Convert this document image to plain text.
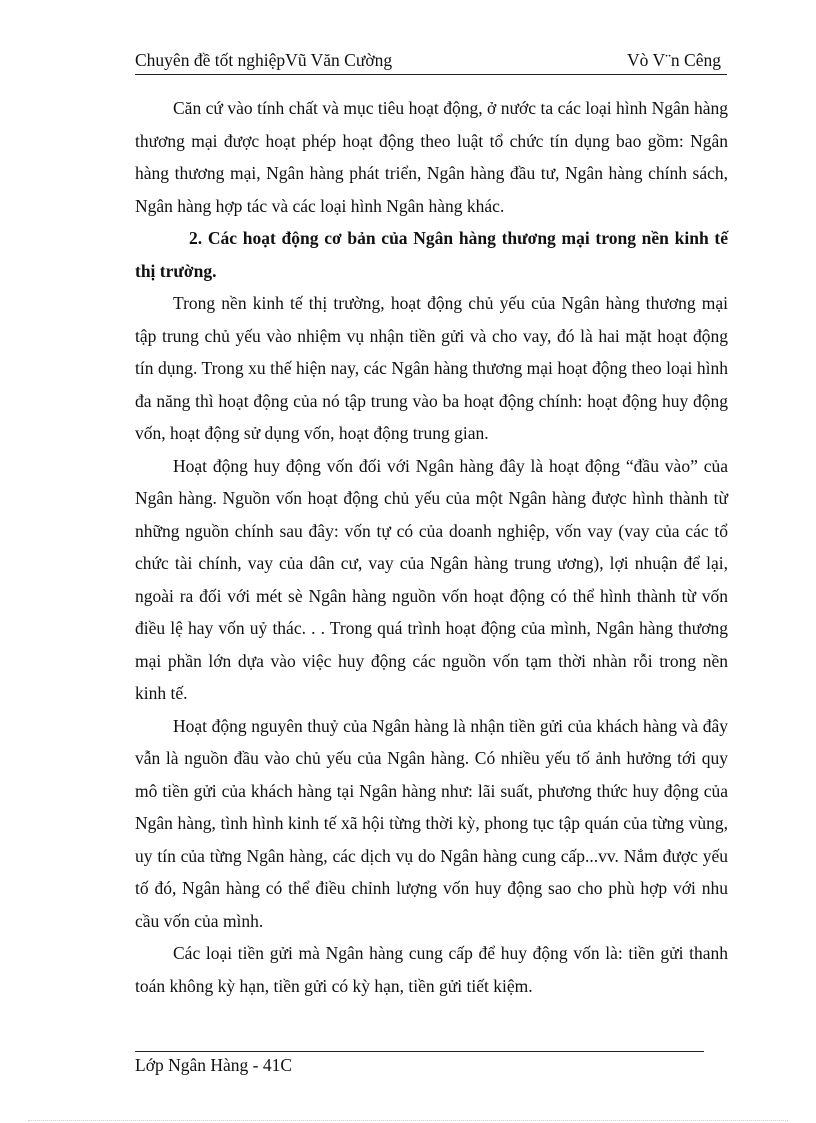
Chuyên đề tốt nghiệpVũ Văn Cường	Vò V¨n Cêng

Căn cứ vào tính chất và mục tiêu hoạt động, ở nước ta các loại hình Ngân hàng thương mại được hoạt phép hoạt động theo luật tổ chức tín dụng bao gồm: Ngân hàng thương mại, Ngân hàng phát triển, Ngân hàng đầu tư, Ngân hàng chính sách, Ngân hàng hợp tác và các loại hình Ngân hàng khác.

2. Các hoạt động cơ bản của Ngân hàng thương mại trong nền kinh tế thị trường.

Trong nền kinh tế thị trường, hoạt động chủ yếu của Ngân hàng thương mại tập trung chủ yếu vào nhiệm vụ nhận tiền gửi và cho vay, đó là hai mặt hoạt động tín dụng. Trong xu thế hiện nay, các Ngân hàng thương mại hoạt động theo loại hình đa năng thì hoạt động của nó tập trung vào ba hoạt động chính: hoạt động huy động vốn, hoạt động sử dụng vốn, hoạt động trung gian.

Hoạt động huy động vốn đối với Ngân hàng đây là hoạt động “đầu vào” của Ngân hàng. Nguồn vốn hoạt động chủ yếu của một Ngân hàng được hình thành từ những nguồn chính sau đây: vốn tự có của doanh nghiệp, vốn vay (vay của các tổ chức tài chính, vay của dân cư, vay của Ngân hàng trung ương), lợi nhuận để lại, ngoài ra đối với mét sè Ngân hàng nguồn vốn hoạt động có thể hình thành từ vốn điều lệ hay vốn uỷ thác. . . Trong quá trình hoạt động của mình, Ngân hàng thương mại phần lớn dựa vào việc huy động các nguồn vốn tạm thời nhàn rỗi trong nền kinh tế.

Hoạt động nguyên thuỷ của Ngân hàng là nhận tiền gửi của khách hàng và đây vẫn là nguồn đầu vào chủ yếu của Ngân hàng. Có nhiều yếu tố ảnh hưởng tới quy mô tiền gửi của khách hàng tại Ngân hàng như: lãi suất, phương thức huy động của Ngân hàng, tình hình kinh tế xã hội từng thời kỳ, phong tục tập quán của từng vùng, uy tín của từng Ngân hàng, các dịch vụ do Ngân hàng cung cấp...vv. Nắm được yếu tố đó, Ngân hàng có thể điều chỉnh lượng vốn huy động sao cho phù hợp với nhu cầu vốn của mình.

Các loại tiền gửi mà Ngân hàng cung cấp để huy động vốn là: tiền gửi thanh toán không kỳ hạn, tiền gửi có kỳ hạn, tiền gửi tiết kiệm.

Lớp Ngân Hàng - 41C
